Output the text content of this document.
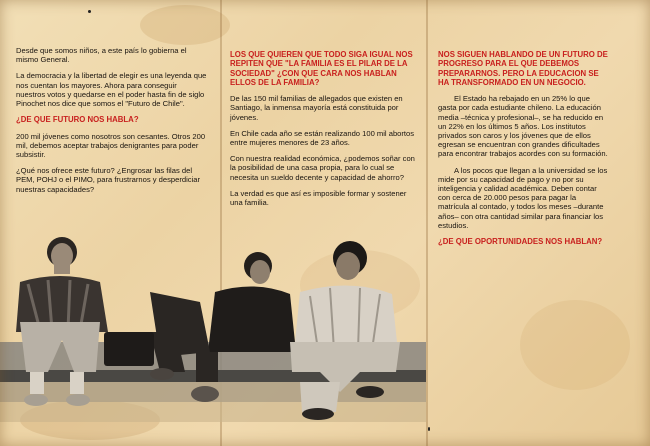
Desde que somos niños, a este país lo gobierna el mismo General.

La democracia y la libertad de elegir es una leyenda que nos cuentan los mayores. Ahora para conseguir nuestros votos y quedarse en el poder hasta fin de siglo Pinochet nos dice que somos el "Futuro de Chile".

¿DE QUE FUTURO NOS HABLA?

200 mil jóvenes como nosotros son cesantes. Otros 200 mil, debemos aceptar trabajos denigrantes para poder subsistir.

¿Qué nos ofrece este futuro? ¿Engrosar las filas del PEM, POHJ o el PIMO, para frustrarnos y desperdiciar nuestras capacidades?

LOS QUE QUIEREN QUE TODO SIGA IGUAL NOS REPITEN QUE "LA FAMILIA ES EL PILAR DE LA SOCIEDAD" ¿CON QUE CARA NOS HABLAN ELLOS DE LA FAMILIA?

De las 150 mil familias de allegados que existen en Santiago, la inmensa mayoría está constituida por jóvenes.

En Chile cada año se están realizando 100 mil abortos entre mujeres menores de 23 años.

Con nuestra realidad económica, ¿podemos soñar con la posibilidad de una casa propia, para lo cual se necesita un sueldo decente y capacidad de ahorro?

La verdad es que así es imposible formar y sostener una familia.

NOS SIGUEN HABLANDO DE UN FUTURO DE PROGRESO PARA EL QUE DEBEMOS PREPARARNOS. PERO LA EDUCACION SE HA TRANSFORMADO EN UN NEGOCIO.

El Estado ha rebajado en un 25% lo que gasta por cada estudiante chileno. La educación media –técnica y profesional–, se ha reducido en un 22% en los últimos 5 años. Los institutos privados son caros y los jóvenes que de ellos egresan se encuentran con grandes dificultades para encontrar trabajos acordes con su formación.

A los pocos que llegan a la universidad se los mide por su capacidad de pago y no por su inteligencia y calidad académica. Deben contar con cerca de 20.000 pesos para pagar la matrícula al contado, y todos los meses –durante años– con otra cantidad similar para financiar los estudios.

¿DE QUE OPORTUNIDADES NOS HABLAN?
